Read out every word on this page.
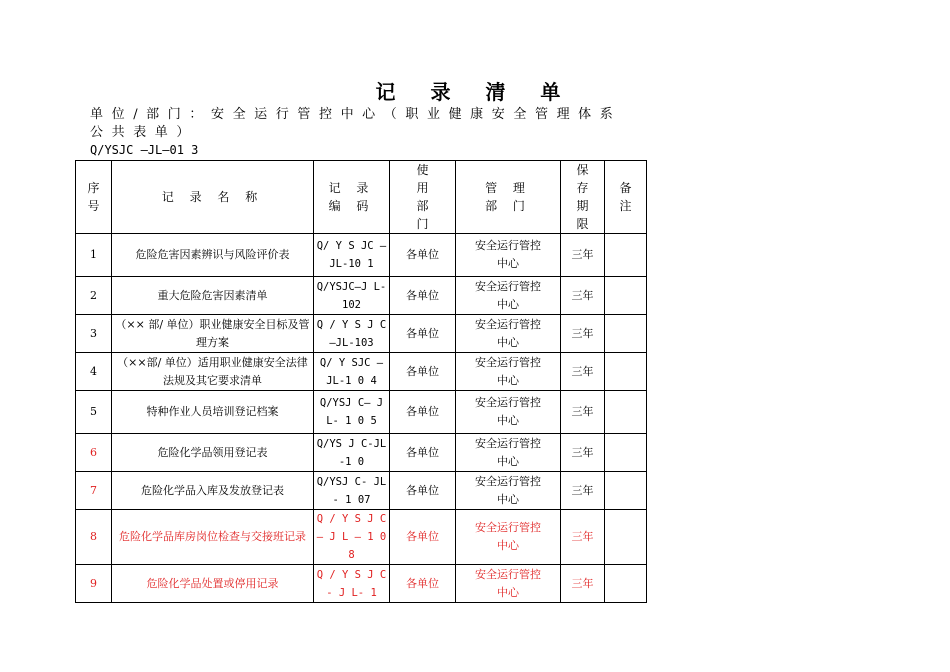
记 录 清 单
单位/部门：安全运行管控中心（职业健康安全管理体系公共表单）
Q/YSJC —JL—01 3
序号	记 录 名 称	记 录 编 码	使用部门	管 理 部 门	保存期限	备注

1	危险危害因素辨识与风险评价表	Q/ Y S JC —JL-10 1	各单位	安全运行管控中心	三年	
2	重大危险危害因素清单	Q/YSJC—J L-102	各单位	安全运行管控中心	三年	
3	（×× 部/ 单位）职业健康安全目标及管理方案	Q / Y S J C —JL-103	各单位	安全运行管控中心	三年	
4	（××部/ 单位）适用职业健康安全法律法规及其它要求清单	Q/ Y SJC — JL-1 0 4	各单位	安全运行管控中心	三年	
5	特种作业人员培训登记档案	Q/YSJ C— J L- 1 0 5	各单位	安全运行管控中心	三年	
6	危险化学品领用登记表	Q/YS J C-JL-1 0	各单位	安全运行管控中心	三年	
7	危险化学品入库及发放登记表	Q/YSJ C- JL- 1 07	各单位	安全运行管控中心	三年	
8	危险化学品库房岗位检查与交接班记录	Q / Y S J C— J L — 1 08	各单位	安全运行管控中心	三年	
9	危险化学品处置或停用记录	Q / Y S J C- J L- 1	各单位	安全运行管控中心	三年	
